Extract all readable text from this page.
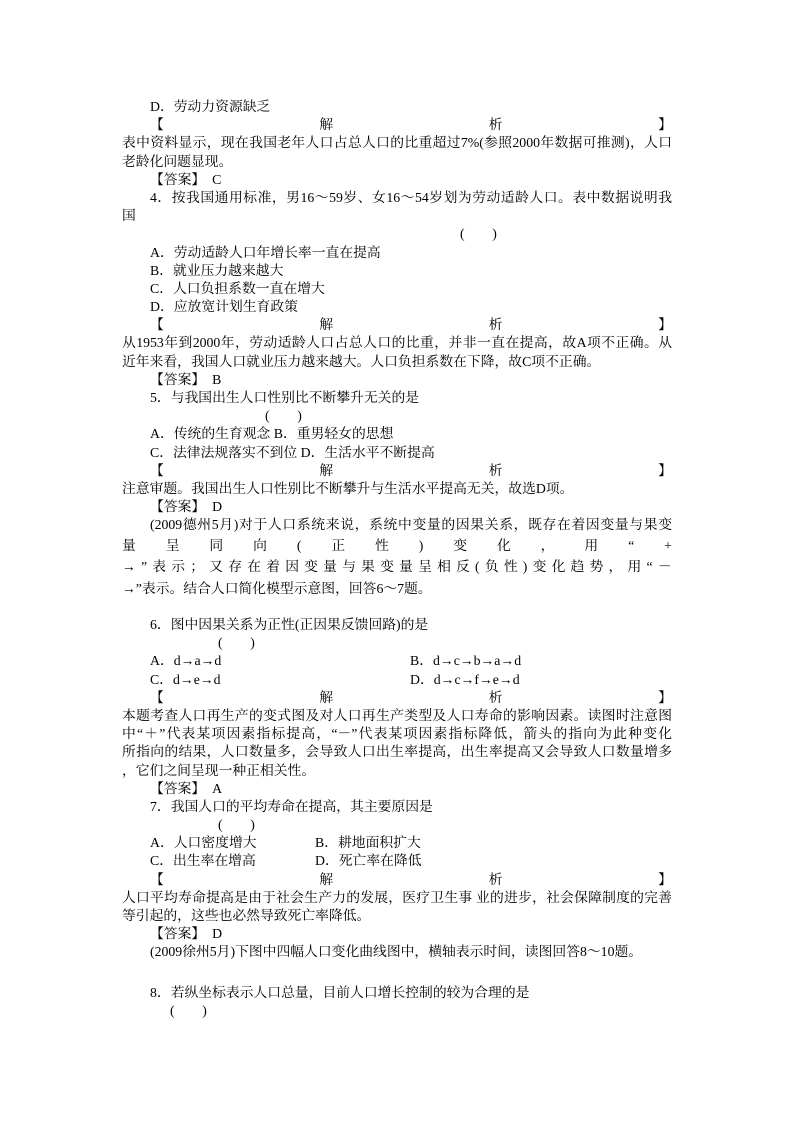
D．劳动力资源缺乏
【	解	析	】
表中资料显示，现在我国老年人口占总人口的比重超过7%(参照2000年数据可推测)，人口
老龄化问题显现。
【答案】　C
4．按我国通用标准，男16～59岁、女16～54岁划为劳动适龄人口。表中数据说明我
国
(　　)
A．劳动适龄人口年增长率一直在提高
B．就业压力越来越大
C．人口负担系数一直在增大
D．应放宽计划生育政策
【	解	析	】
从1953年到2000年，劳动适龄人口占总人口的比重，并非一直在提高，故A项不正确。从
近年来看，我国人口就业压力越来越大。人口负担系数在下降，故C项不正确。
【答案】　B
5．与我国出生人口性别比不断攀升无关的是
(　　)
A．传统的生育观念 B．重男轻女的思想
C．法律法规落实不到位 D．生活水平不断提高
【	解	析	】
注意审题。我国出生人口性别比不断攀升与生活水平提高无关，故选D项。
【答案】　D
(2009德州5月)对于人口系统来说，系统中变量的因果关系，既存在着因变量与果变
量 呈 同 向 ( 正 性 ) 变 化 ， 用 “ +
→ ” 表 示 ； 又 存 在 着 因 变 量 与 果 变 量 呈 相 反 ( 负 性 ) 变 化 趋 势 ， 用 “ －
→”表示。结合人口简化模型示意图，回答6～7题。
6．图中因果关系为正性(正因果反馈回路)的是
(　　)
A．d→a→d	B．d→c→b→a→d
C．d→e→d	D．d→c→f→e→d
【	解	析	】
本题考查人口再生产的变式图及对人口再生产类型及人口寿命的影响因素。读图时注意图
中“＋”代表某项因素指标提高，“－”代表某项因素指标降低，箭头的指向为此种变化
所指向的结果，人口数量多，会导致人口出生率提高，出生率提高又会导致人口数量增多
，它们之间呈现一种正相关性。
【答案】　A
7．我国人口的平均寿命在提高，其主要原因是
(　　)
A．人口密度增大	B．耕地面积扩大
C．出生率在增高	D．死亡率在降低
【	解	析	】
人口平均寿命提高是由于社会生产力的发展，医疗卫生事 业的进步，社会保障制度的完善
等引起的，这些也必然导致死亡率降低。
【答案】　D
(2009徐州5月)下图中四幅人口变化曲线图中，横轴表示时间，读图回答8～10题。
8．若纵坐标表示人口总量，目前人口增长控制的较为合理的是
(　　)
